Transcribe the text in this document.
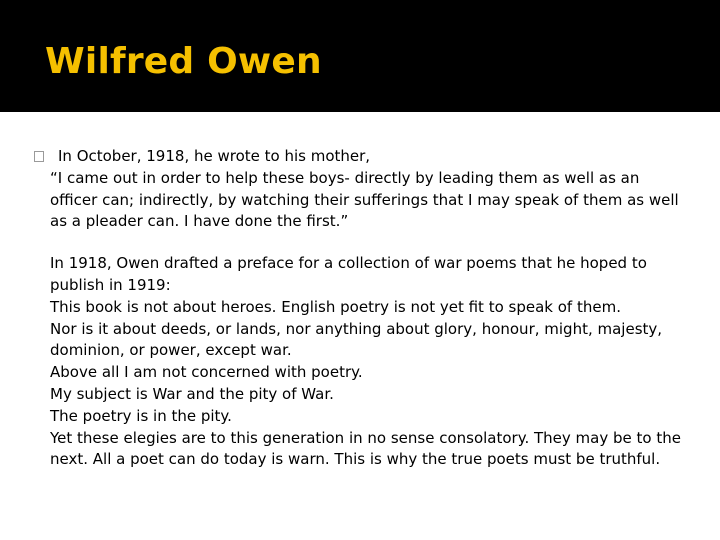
Wilfred Owen
In October, 1918, he wrote to his mother,

“I came out in order to help these boys- directly by leading them as well as an officer can; indirectly, by watching their sufferings that I may speak of them as well as a pleader can. I have done the first.”

In 1918, Owen drafted a preface for a collection of war poems that he hoped to publish in 1919:

This book is not about heroes. English poetry is not yet fit to speak of them.

Nor is it about deeds, or lands, nor anything about glory, honour, might, majesty, dominion, or power, except war.

Above all I am not concerned with poetry.

My subject is War and the pity of War.

The poetry is in the pity.

Yet these elegies are to this generation in no sense consolatory. They may be to the next. All a poet can do today is warn. This is why the true poets must be truthful.
